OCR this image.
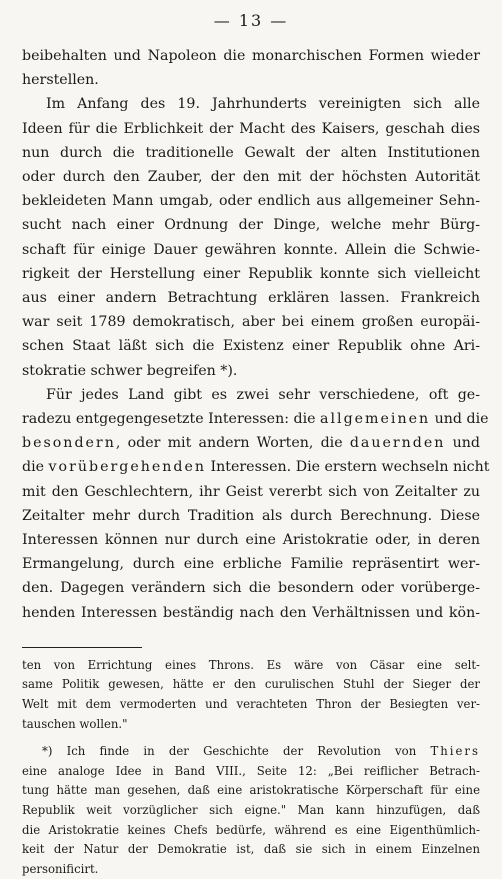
— 13 —
beibehalten und Napoleon die monarchischen Formen wieder
herstellen.
Im Anfang des 19. Jahrhunderts vereinigten sich alle
Ideen für die Erblichkeit der Macht des Kaisers, geschah dies
nun durch die traditionelle Gewalt der alten Institutionen
oder durch den Zauber, der den mit der höchsten Autorität
bekleideten Mann umgab, oder endlich aus allgemeiner Sehn-
sucht nach einer Ordnung der Dinge, welche mehr Bürg-
schaft für einige Dauer gewähren konnte. Allein die Schwie-
rigkeit der Herstellung einer Republik konnte sich vielleicht
aus einer andern Betrachtung erklären lassen. Frankreich
war seit 1789 demokratisch, aber bei einem großen europäi-
schen Staat läßt sich die Existenz einer Republik ohne Ari-
stokratie schwer begreifen *).
Für jedes Land gibt es zwei sehr verschiedene, oft ge-
radezu entgegengesetzte Interessen: die allgemeinen und die
besondern, oder mit andern Worten, die dauernden und
die vorübergehenden Interessen. Die erstern wechseln nicht
mit den Geschlechtern, ihr Geist vererbt sich von Zeitalter zu
Zeitalter mehr durch Tradition als durch Berechnung. Diese
Interessen können nur durch eine Aristokratie oder, in deren
Ermangelung, durch eine erbliche Familie repräsentirt wer-
den. Dagegen verändern sich die besondern oder vorüberge-
henden Interessen beständig nach den Verhältnissen und kön-
ten von Errichtung eines Throns. Es wäre von Cäsar eine selt-
same Politik gewesen, hätte er den curulischen Stuhl der Sieger der
Welt mit dem vermoderten und verachteten Thron der Besiegten ver-
tauschen wollen."
*) Ich finde in der Geschichte der Revolution von Thiers
eine analoge Idee in Band VIII., Seite 12: „Bei reiflicher Betrach-
tung hätte man gesehen, daß eine aristokratische Körperschaft für eine
Republik weit vorzüglicher sich eigne." Man kann hinzufügen, daß
die Aristokratie keines Chefs bedürfe, während es eine Eigenthümlich-
keit der Natur der Demokratie ist, daß sie sich in einem Einzelnen
personificirt.
